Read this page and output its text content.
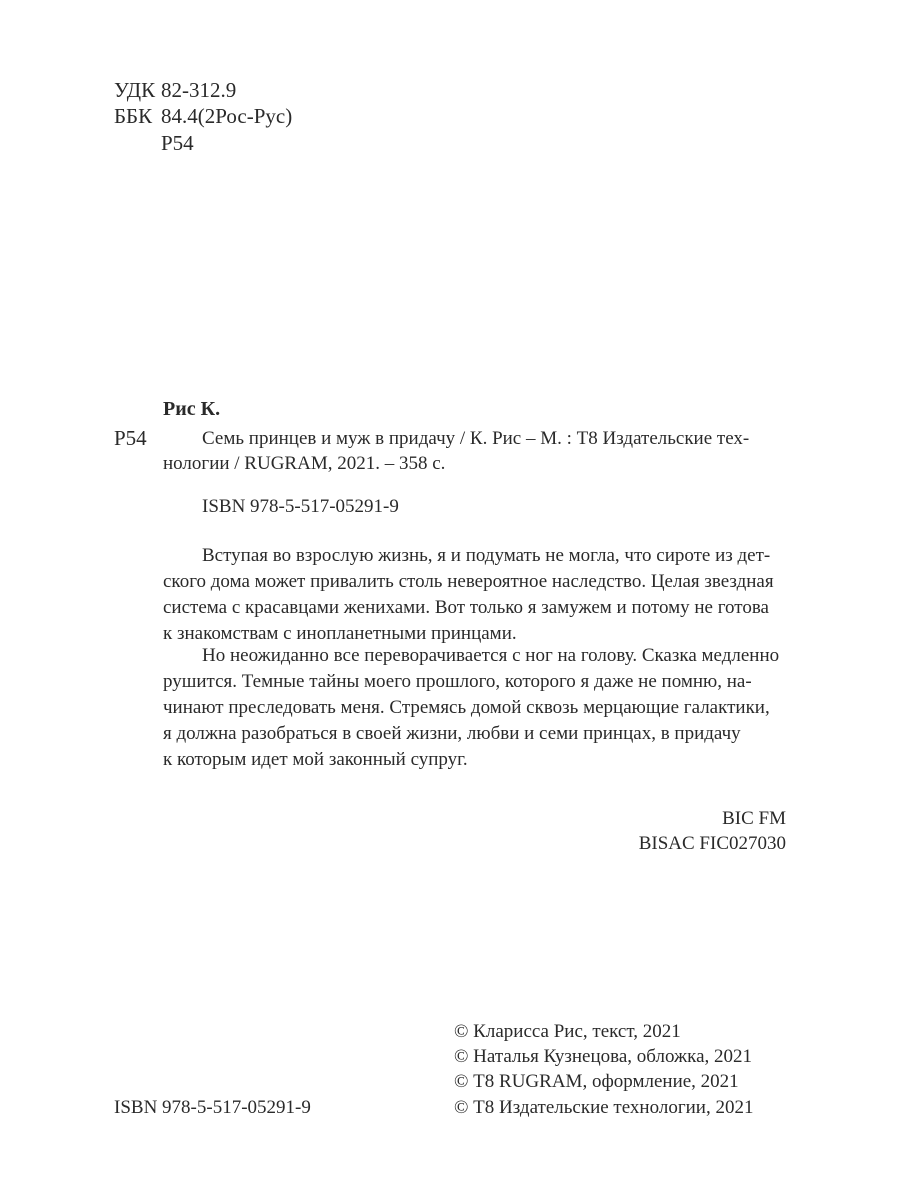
УДК 82-312.9
ББК 84.4(2Рос-Рус)
Р54
Рис К.
Р54	Семь принцев и муж в придачу / К. Рис – М. : Т8 Издательские тех-
нологии / RUGRAM, 2021. – 358 с.
ISBN 978-5-517-05291-9
Вступая во взрослую жизнь, я и подумать не могла, что сироте из дет-
ского дома может привалить столь невероятное наследство. Целая звездная
система с красавцами женихами. Вот только я замужем и потому не готова
к знакомствам с инопланетными принцами.
Но неожиданно все переворачивается с ног на голову. Сказка медленно
рушится. Темные тайны моего прошлого, которого я даже не помню, на-
чинают преследовать меня. Стремясь домой сквозь мерцающие галактики,
я должна разобраться в своей жизни, любви и семи принцах, в придачу
к которым идет мой законный супруг.
BIC FM
BISAC FIC027030
© Кларисса Рис, текст, 2021
© Наталья Кузнецова, обложка, 2021
© Т8 RUGRAM, оформление, 2021
© Т8 Издательские технологии, 2021
ISBN 978-5-517-05291-9
